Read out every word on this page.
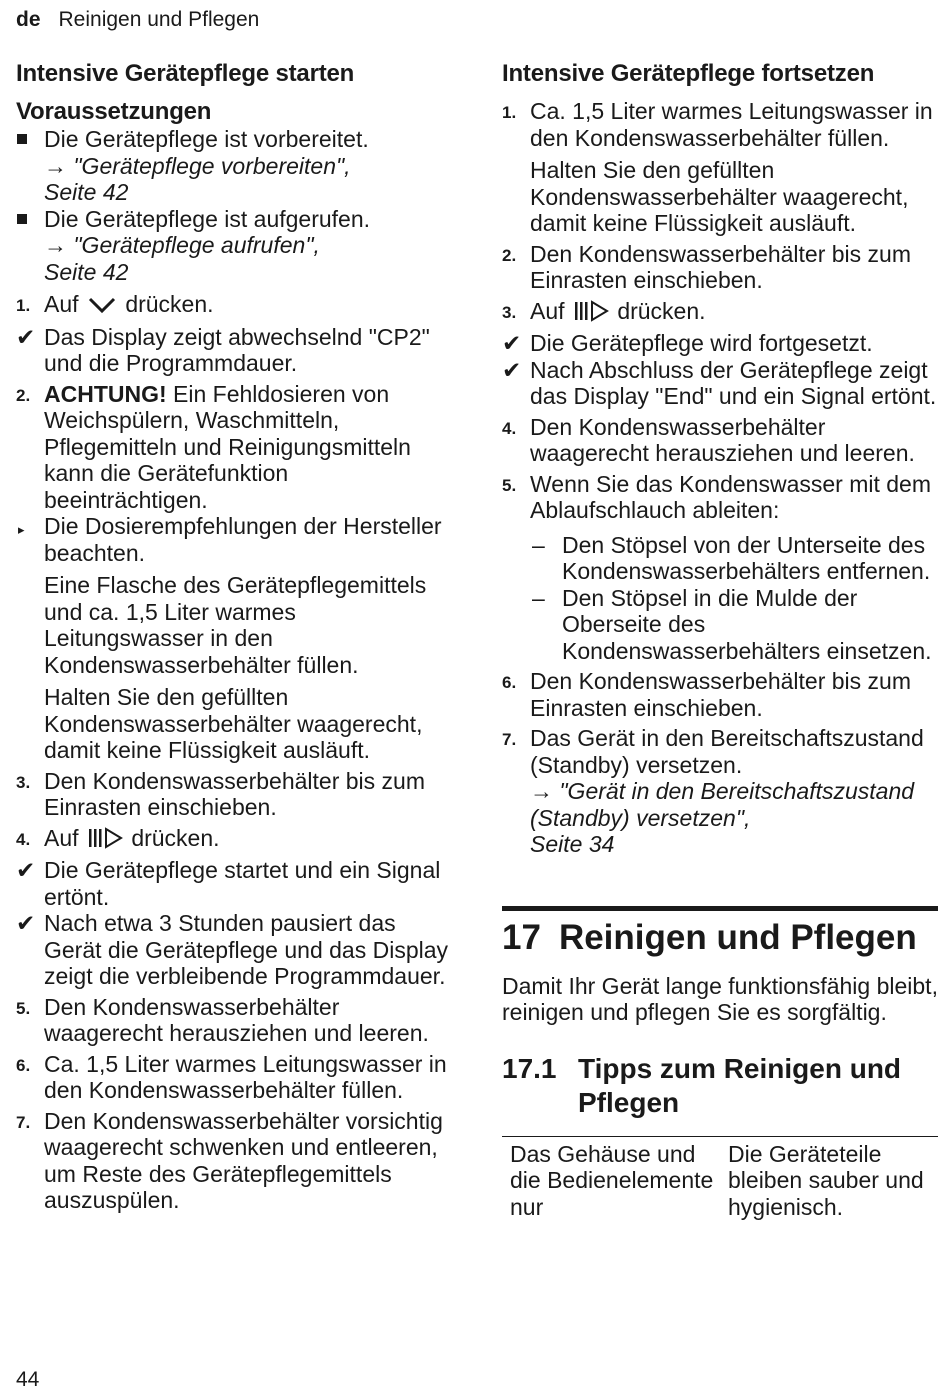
de Reinigen und Pflegen
Intensive Gerätepflege starten
Voraussetzungen
Die Gerätepflege ist vorbereitet.
→ "Gerätepflege vorbereiten",
Seite 42
Die Gerätepflege ist aufgerufen.
→ "Gerätepflege aufrufen",
Seite 42
1. Auf drücken.
✔ Das Display zeigt abwechselnd "CP2" und die Programmdauer.
2. ACHTUNG! Ein Fehldosieren von Weichspülern, Waschmitteln, Pflegemitteln und Reinigungsmitteln kann die Gerätefunktion beeinträchtigen.
▸ Die Dosierempfehlungen der Hersteller beachten.
Eine Flasche des Gerätepflegemittels und ca. 1,5 Liter warmes Leitungswasser in den Kondenswasserbehälter füllen.
Halten Sie den gefüllten Kondenswasserbehälter waagerecht, damit keine Flüssigkeit ausläuft.
3. Den Kondenswasserbehälter bis zum Einrasten einschieben.
4. Auf drücken.
✔ Die Gerätepflege startet und ein Signal ertönt.
✔ Nach etwa 3 Stunden pausiert das Gerät die Gerätepflege und das Display zeigt die verbleibende Programmdauer.
5. Den Kondenswasserbehälter waagerecht herausziehen und leeren.
6. Ca. 1,5 Liter warmes Leitungswasser in den Kondenswasserbehälter füllen.
7. Den Kondenswasserbehälter vorsichtig waagerecht schwenken und entleeren, um Reste des Gerätepflegemittels auszuspülen.
Intensive Gerätepflege fortsetzen
1. Ca. 1,5 Liter warmes Leitungswasser in den Kondenswasserbehälter füllen.
Halten Sie den gefüllten Kondenswasserbehälter waagerecht, damit keine Flüssigkeit ausläuft.
2. Den Kondenswasserbehälter bis zum Einrasten einschieben.
3. Auf drücken.
✔ Die Gerätepflege wird fortgesetzt.
✔ Nach Abschluss der Gerätepflege zeigt das Display "End" und ein Signal ertönt.
4. Den Kondenswasserbehälter waagerecht herausziehen und leeren.
5. Wenn Sie das Kondenswasser mit dem Ablaufschlauch ableiten:
– Den Stöpsel von der Unterseite des Kondenswasserbehälters entfernen.
– Den Stöpsel in die Mulde der Oberseite des Kondenswasserbehälters einsetzen.
6. Den Kondenswasserbehälter bis zum Einrasten einschieben.
7. Das Gerät in den Bereitschaftszustand (Standby) versetzen.
→ "Gerät in den Bereitschaftszustand (Standby) versetzen",
Seite 34
17 Reinigen und Pflegen
Damit Ihr Gerät lange funktionsfähig bleibt, reinigen und pflegen Sie es sorgfältig.
17.1 Tipps zum Reinigen und Pflegen
Das Gehäuse und die Bedienelemente nur
Die Geräteteile bleiben sauber und hygienisch.
44
